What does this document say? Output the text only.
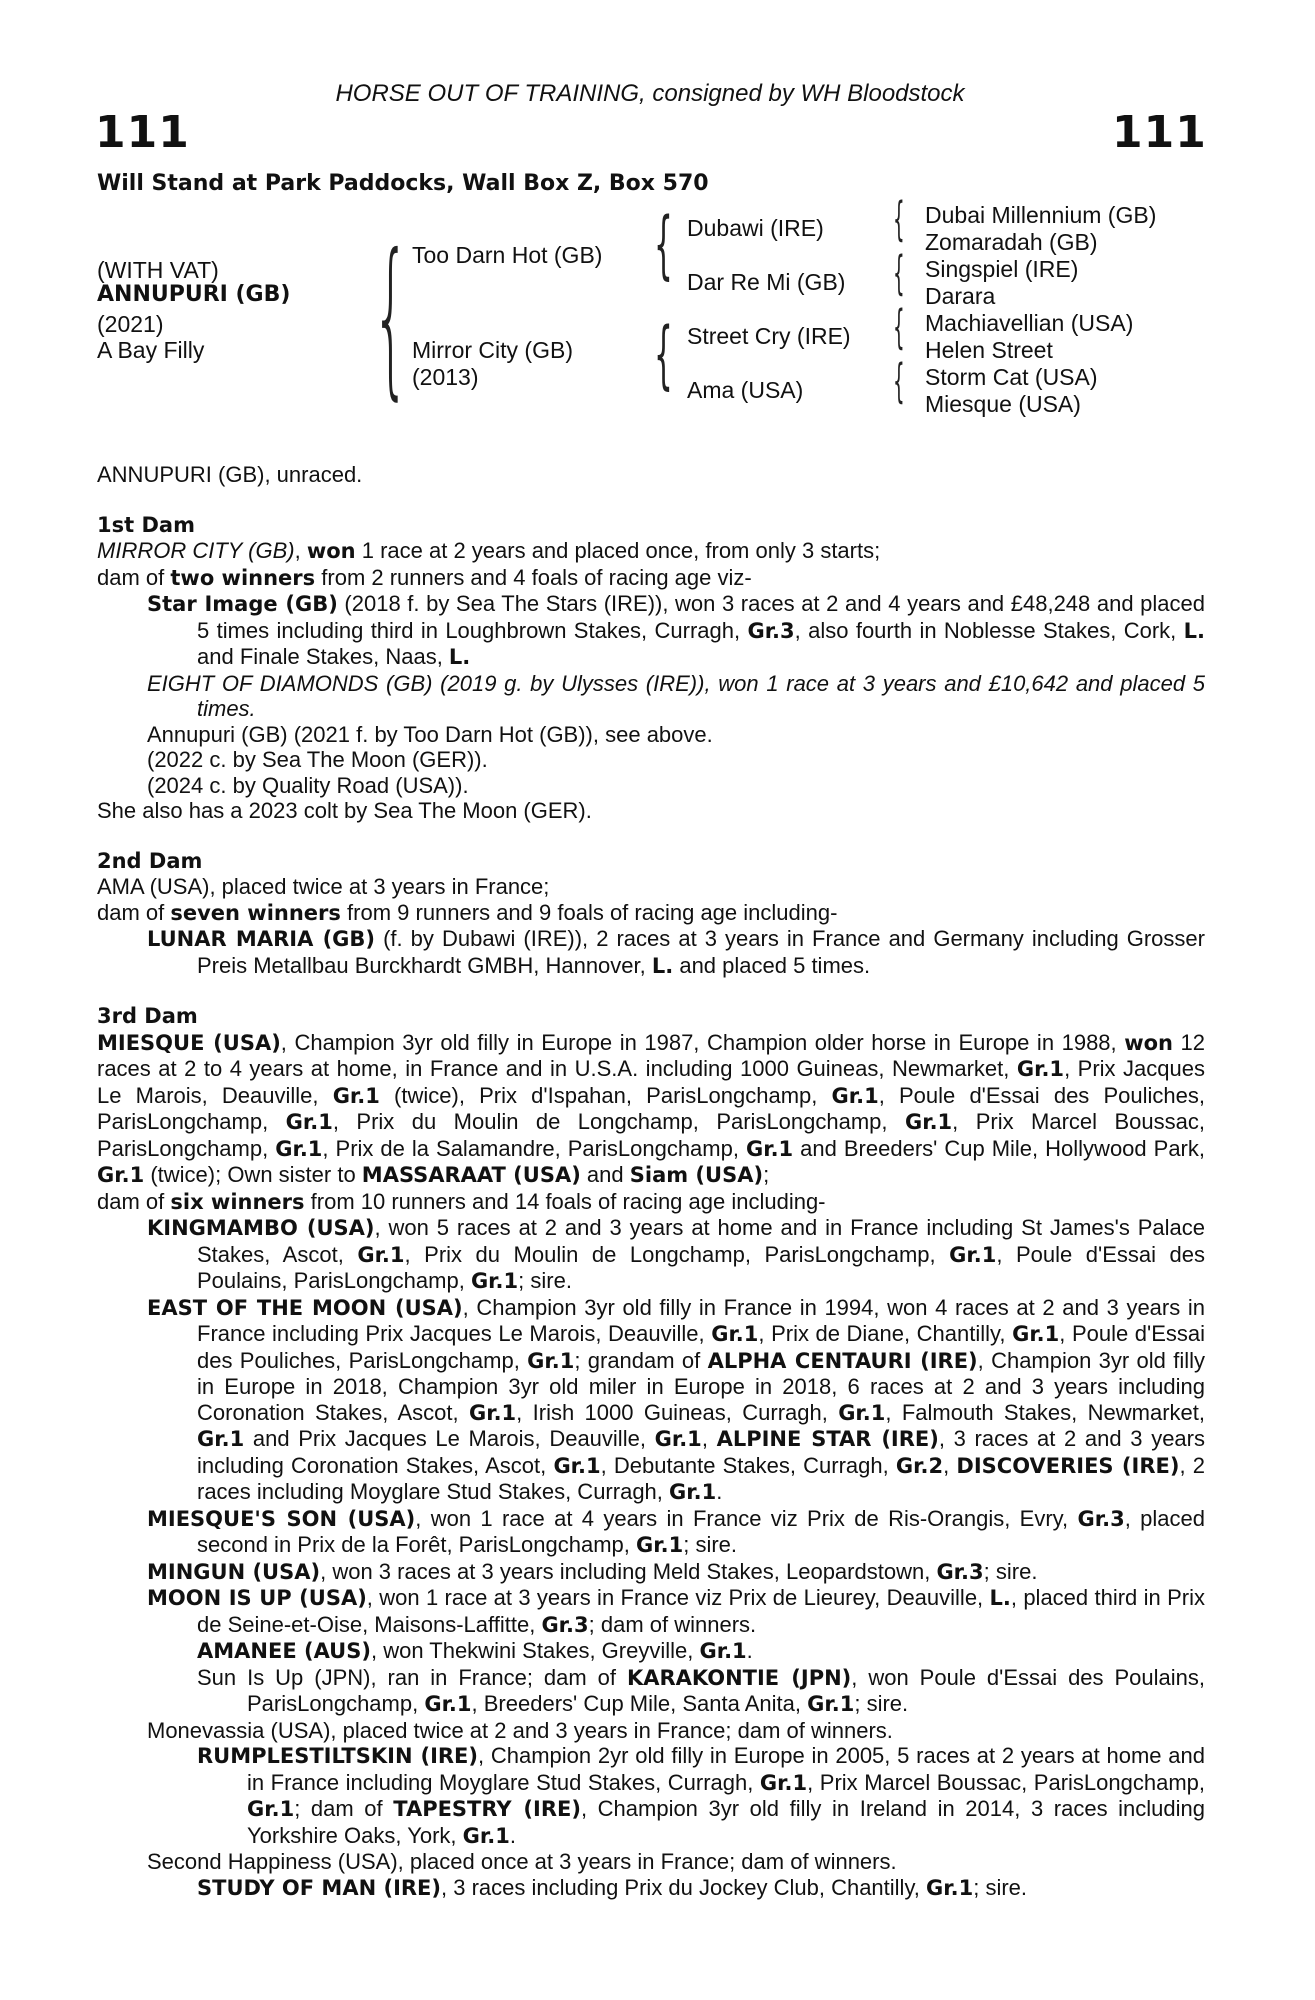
HORSE OUT OF TRAINING, consigned by WH Bloodstock
111	111
Will Stand at Park Paddocks, Wall Box Z, Box 570
(WITH VAT)
ANNUPURI (GB)
(2021)
A Bay Filly { Too Darn Hot (GB)
Mirror City (GB)
(2013)
{ Dubawi (IRE)
Dar Re Mi (GB)
{ Street Cry (IRE)
Ama (USA)
{ Dubai Millennium (GB)
Zomaradah (GB)
{ Singspiel (IRE)
Darara
{ Machiavellian (USA)
Helen Street
{ Storm Cat (USA)
Miesque (USA)

ANNUPURI (GB), unraced.

1st Dam

MIRROR CITY (GB), won 1 race at 2 years and placed once, from only 3 starts;

dam of two winners from 2 runners and 4 foals of racing age viz-

Star Image (GB) (2018 f. by Sea The Stars (IRE)), won 3 races at 2 and 4 years and £48,248 and placed 5 times including third in Loughbrown Stakes, Curragh, Gr.3, also fourth in Noblesse Stakes, Cork, L. and Finale Stakes, Naas, L.

EIGHT OF DIAMONDS (GB) (2019 g. by Ulysses (IRE)), won 1 race at 3 years and £10,642 and placed 5 times.

Annupuri (GB) (2021 f. by Too Darn Hot (GB)), see above.

(2022 c. by Sea The Moon (GER)).

(2024 c. by Quality Road (USA)).

She also has a 2023 colt by Sea The Moon (GER).

2nd Dam

AMA (USA), placed twice at 3 years in France;

dam of seven winners from 9 runners and 9 foals of racing age including-

LUNAR MARIA (GB) (f. by Dubawi (IRE)), 2 races at 3 years in France and Germany including Grosser Preis Metallbau Burckhardt GMBH, Hannover, L. and placed 5 times.

3rd Dam

MIESQUE (USA), Champion 3yr old filly in Europe in 1987, Champion older horse in Europe in 1988, won 12 races at 2 to 4 years at home, in France and in U.S.A. including 1000 Guineas, Newmarket, Gr.1, Prix Jacques Le Marois, Deauville, Gr.1 (twice), Prix d'Ispahan, ParisLongchamp, Gr.1, Poule d'Essai des Pouliches, ParisLongchamp, Gr.1, Prix du Moulin de Longchamp, ParisLongchamp, Gr.1, Prix Marcel Boussac, ParisLongchamp, Gr.1, Prix de la Salamandre, ParisLongchamp, Gr.1 and Breeders' Cup Mile, Hollywood Park, Gr.1 (twice); Own sister to MASSARAAT (USA) and Siam (USA);

dam of six winners from 10 runners and 14 foals of racing age including-

KINGMAMBO (USA), won 5 races at 2 and 3 years at home and in France including St James's Palace Stakes, Ascot, Gr.1, Prix du Moulin de Longchamp, ParisLongchamp, Gr.1, Poule d'Essai des Poulains, ParisLongchamp, Gr.1; sire.

EAST OF THE MOON (USA), Champion 3yr old filly in France in 1994, won 4 races at 2 and 3 years in France including Prix Jacques Le Marois, Deauville, Gr.1, Prix de Diane, Chantilly, Gr.1, Poule d'Essai des Pouliches, ParisLongchamp, Gr.1; grandam of ALPHA CENTAURI (IRE), Champion 3yr old filly in Europe in 2018, Champion 3yr old miler in Europe in 2018, 6 races at 2 and 3 years including Coronation Stakes, Ascot, Gr.1, Irish 1000 Guineas, Curragh, Gr.1, Falmouth Stakes, Newmarket, Gr.1 and Prix Jacques Le Marois, Deauville, Gr.1, ALPINE STAR (IRE), 3 races at 2 and 3 years including Coronation Stakes, Ascot, Gr.1, Debutante Stakes, Curragh, Gr.2, DISCOVERIES (IRE), 2 races including Moyglare Stud Stakes, Curragh, Gr.1.

MIESQUE'S SON (USA), won 1 race at 4 years in France viz Prix de Ris-Orangis, Evry, Gr.3, placed second in Prix de la Forêt, ParisLongchamp, Gr.1; sire.

MINGUN (USA), won 3 races at 3 years including Meld Stakes, Leopardstown, Gr.3; sire.

MOON IS UP (USA), won 1 race at 3 years in France viz Prix de Lieurey, Deauville, L., placed third in Prix de Seine-et-Oise, Maisons-Laffitte, Gr.3; dam of winners.

AMANEE (AUS), won Thekwini Stakes, Greyville, Gr.1.

Sun Is Up (JPN), ran in France; dam of KARAKONTIE (JPN), won Poule d'Essai des Poulains, ParisLongchamp, Gr.1, Breeders' Cup Mile, Santa Anita, Gr.1; sire.

Monevassia (USA), placed twice at 2 and 3 years in France; dam of winners.

RUMPLESTILTSKIN (IRE), Champion 2yr old filly in Europe in 2005, 5 races at 2 years at home and in France including Moyglare Stud Stakes, Curragh, Gr.1, Prix Marcel Boussac, ParisLongchamp, Gr.1; dam of TAPESTRY (IRE), Champion 3yr old filly in Ireland in 2014, 3 races including Yorkshire Oaks, York, Gr.1.

Second Happiness (USA), placed once at 3 years in France; dam of winners.

STUDY OF MAN (IRE), 3 races including Prix du Jockey Club, Chantilly, Gr.1; sire.
